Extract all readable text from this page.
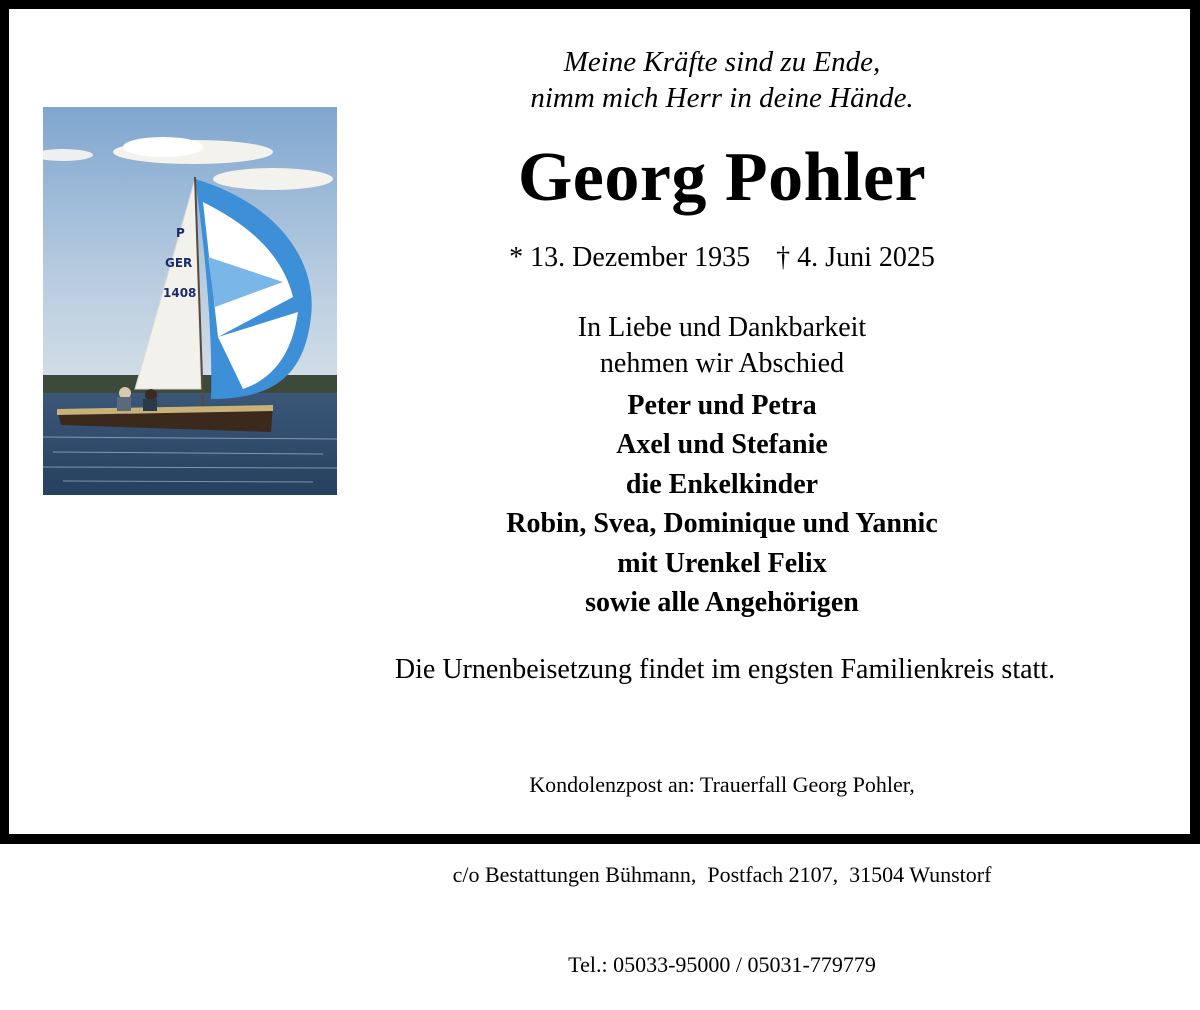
P
GER
1408
Meine Kräfte sind zu Ende,
nimm mich Herr in deine Hände.
Georg Pohler
* 13. Dezember 1935 † 4. Juni 2025
In Liebe und Dankbarkeit
nehmen wir Abschied
Peter und Petra
Axel und Stefanie
die Enkelkinder
Robin, Svea, Dominique und Yannic
mit Urenkel Felix
sowie alle Angehörigen
Die Urnenbeisetzung findet im engsten Familienkreis statt.

Kondolenzpost an: Trauerfall Georg Pohler,

c/o Bestattungen Bühmann,  Postfach 2107,  31504 Wunstorf

Tel.: 05033-95000 / 05031-779779
